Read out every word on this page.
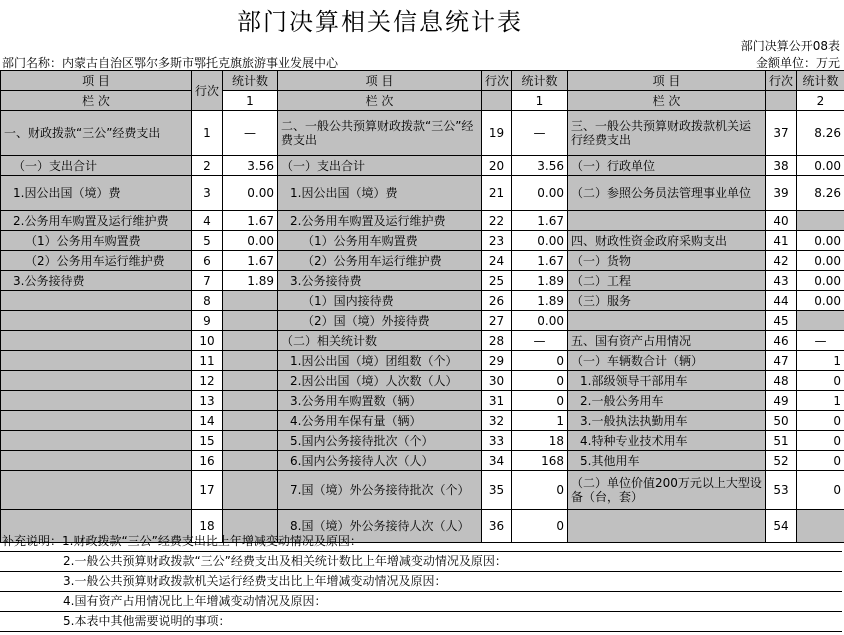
部门决算相关信息统计表
部门决算公开08表
部门名称：内蒙古自治区鄂尔多斯市鄂托克旗旅游事业发展中心	金额单位：万元
项 目	行次	统计数	项 目	行次	统计数	项 目	行次	统计数
栏 次		1	栏 次		1	栏 次		2
一、财政拨款“三公”经费支出	1	—	二、一般公共预算财政拨款“三公”经费支出	19	—	三、一般公共预算财政拨款机关运行经费支出	37	8.26
（一）支出合计	2	3.56	（一）支出合计	20	3.56	（一）行政单位	38	0.00
1.因公出国（境）费	3	0.00	1.因公出国（境）费	21	0.00	（二）参照公务员法管理事业单位	39	8.26
2.公务用车购置及运行维护费	4	1.67	2.公务用车购置及运行维护费	22	1.67		40	
（1）公务用车购置费	5	0.00	（1）公务用车购置费	23	0.00	四、财政性资金政府采购支出	41	0.00
（2）公务用车运行维护费	6	1.67	（2）公务用车运行维护费	24	1.67	（一）货物	42	0.00
3.公务接待费	7	1.89	3.公务接待费	25	1.89	（二）工程	43	0.00
	8		（1）国内接待费	26	1.89	（三）服务	44	0.00
	9		（2）国（境）外接待费	27	0.00		45	
	10		（二）相关统计数	28	—	五、国有资产占用情况	46	—
	11		1.因公出国（境）团组数（个）	29	0	（一）车辆数合计（辆）	47	1
	12		2.因公出国（境）人次数（人）	30	0	1.部级领导干部用车	48	0
	13		3.公务用车购置数（辆）	31	0	2.一般公务用车	49	1
	14		4.公务用车保有量（辆）	32	1	3.一般执法执勤用车	50	0
	15		5.国内公务接待批次（个）	33	18	4.特种专业技术用车	51	0
	16		6.国内公务接待人次（人）	34	168	5.其他用车	52	0
	17		7.国（境）外公务接待批次（个）	35	0	（二）单位价值200万元以上大型设备（台，套）	53	0
	18		8.国（境）外公务接待人次（人）	36	0		54	
补充说明：1.财政拨款“三公”经费支出比上年增减变动情况及原因：
2.一般公共预算财政拨款“三公”经费支出及相关统计数比上年增减变动情况及原因：
3.一般公共预算财政拨款机关运行经费支出比上年增减变动情况及原因：
4.国有资产占用情况比上年增减变动情况及原因：
5.本表中其他需要说明的事项：
